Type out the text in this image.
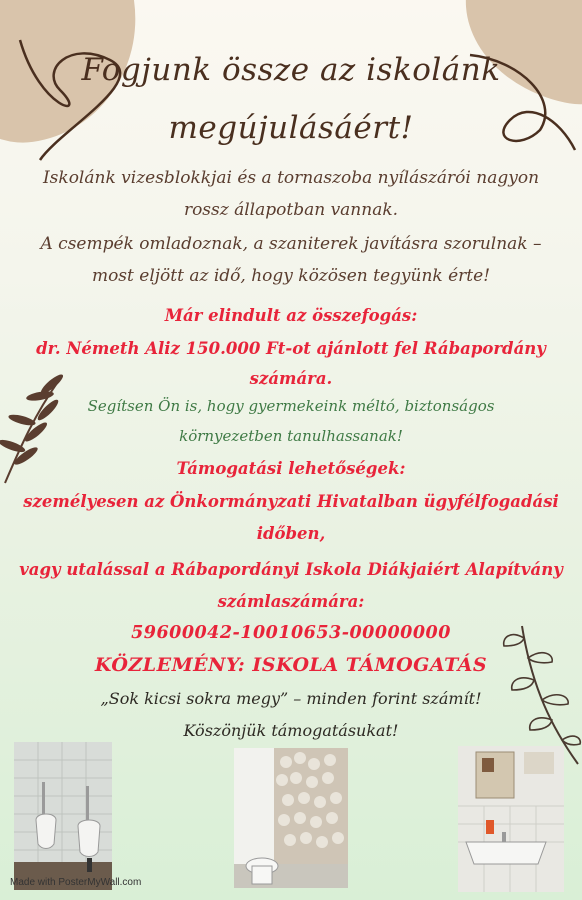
Fogjunk össze az iskolánk
megújulásáért!
Iskolánk vizesblokkjai és a tornaszoba nyílászárói nagyon
rossz állapotban vannak.
A csempék omladoznak, a szaniterek javításra szorulnak –
most eljött az idő, hogy közösen tegyünk érte!
Már elindult az összefogás:
dr. Németh Aliz 150.000 Ft-ot ajánlott fel Rábapordány
számára.
Segítsen Ön is, hogy gyermekeink méltó, biztonságos
környezetben tanulhassanak!
Támogatási lehetőségek:
személyesen az Önkormányzati Hivatalban ügyfélfogadási
időben,
vagy utalással a Rábapordányi Iskola Diákjaiért Alapítvány
számlaszámára:
59600042-10010653-00000000
KÖZLEMÉNY: ISKOLA TÁMOGATÁS
„Sok kicsi sokra megy” – minden forint számít!
Köszönjük támogatásukat!
Made with PosterMyWall.com
